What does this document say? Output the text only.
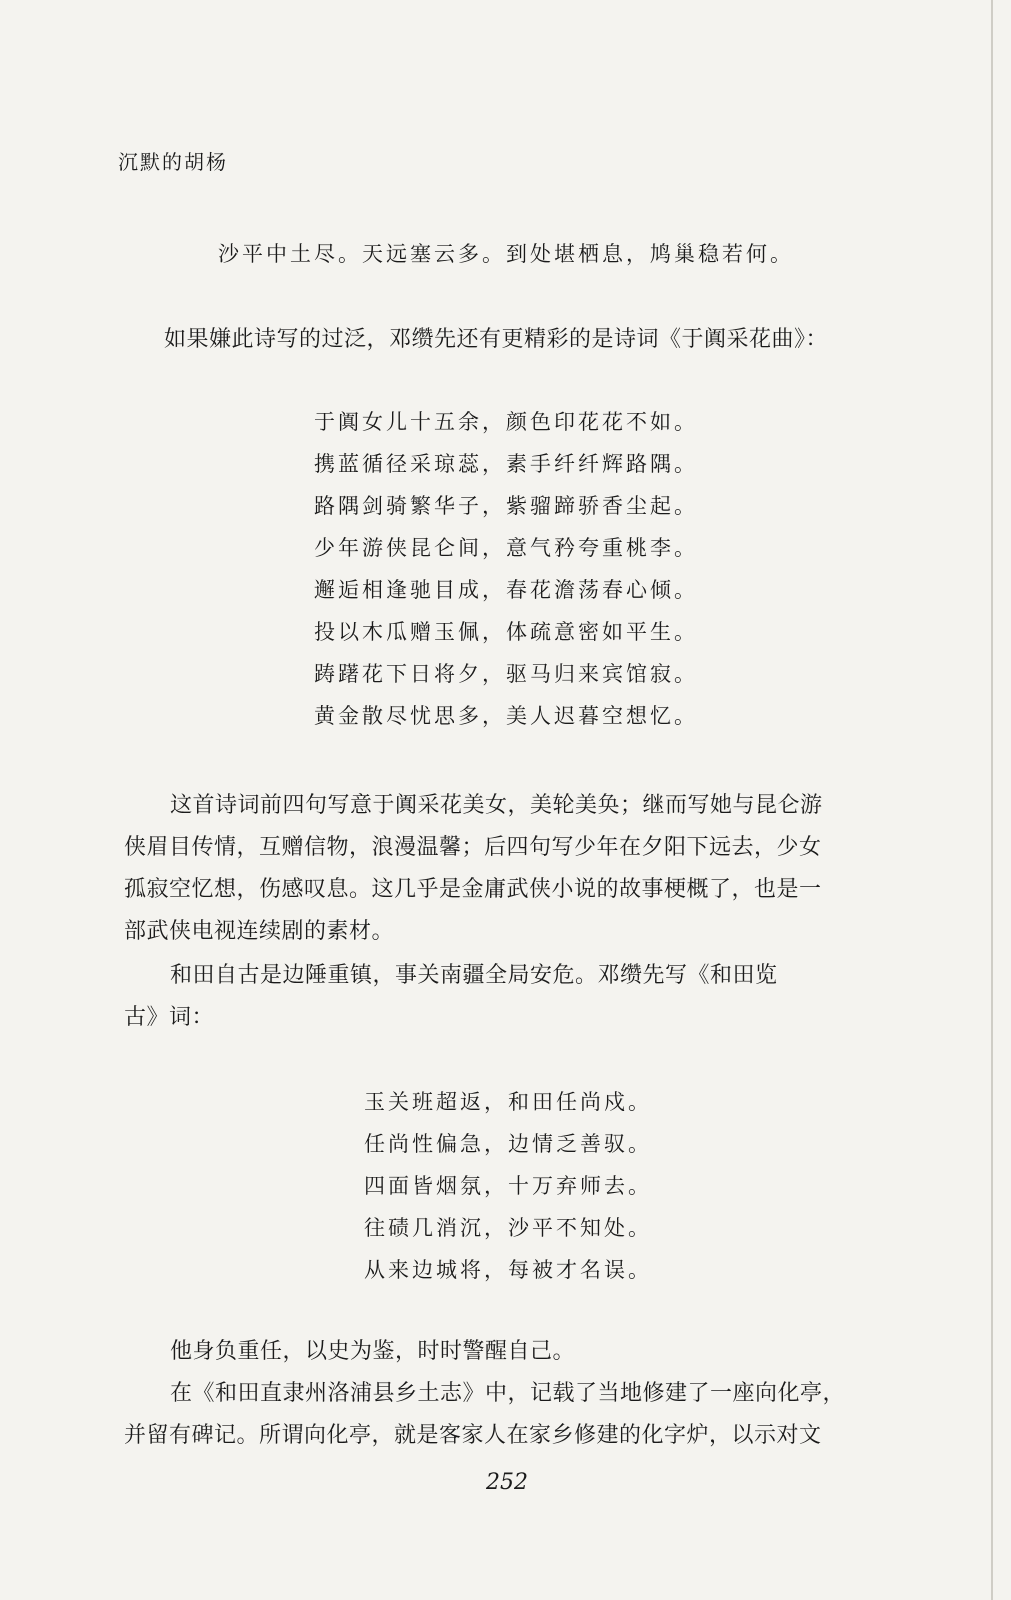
沉默的胡杨
沙平中土尽。天远塞云多。到处堪栖息，鸠巢稳若何。
如果嫌此诗写的过泛，邓缵先还有更精彩的是诗词《于阗采花曲》：
于阗女儿十五余，颜色印花花不如。
携蓝循径采琼蕊，素手纤纤辉路隅。
路隅剑骑繁华子，紫骝蹄骄香尘起。
少年游侠昆仑间，意气矜夸重桃李。
邂逅相逢驰目成，春花澹荡春心倾。
投以木瓜赠玉佩，体疏意密如平生。
踌躇花下日将夕，驱马归来宾馆寂。
黄金散尽忧思多，美人迟暮空想忆。
这首诗词前四句写意于阗采花美女，美轮美奂；继而写她与昆仑游
侠眉目传情，互赠信物，浪漫温馨；后四句写少年在夕阳下远去，少女
孤寂空忆想，伤感叹息。这几乎是金庸武侠小说的故事梗概了，也是一
部武侠电视连续剧的素材。
和田自古是边陲重镇，事关南疆全局安危。邓缵先写《和田览
古》词：
玉关班超返，和田任尚戍。
任尚性偏急，边情乏善驭。
四面皆烟氛，十万弃师去。
往碛几消沉，沙平不知处。
从来边城将，每被才名误。
他身负重任，以史为鉴，时时警醒自己。
在《和田直隶州洛浦县乡土志》中，记载了当地修建了一座向化亭，
并留有碑记。所谓向化亭，就是客家人在家乡修建的化字炉，以示对文
252
